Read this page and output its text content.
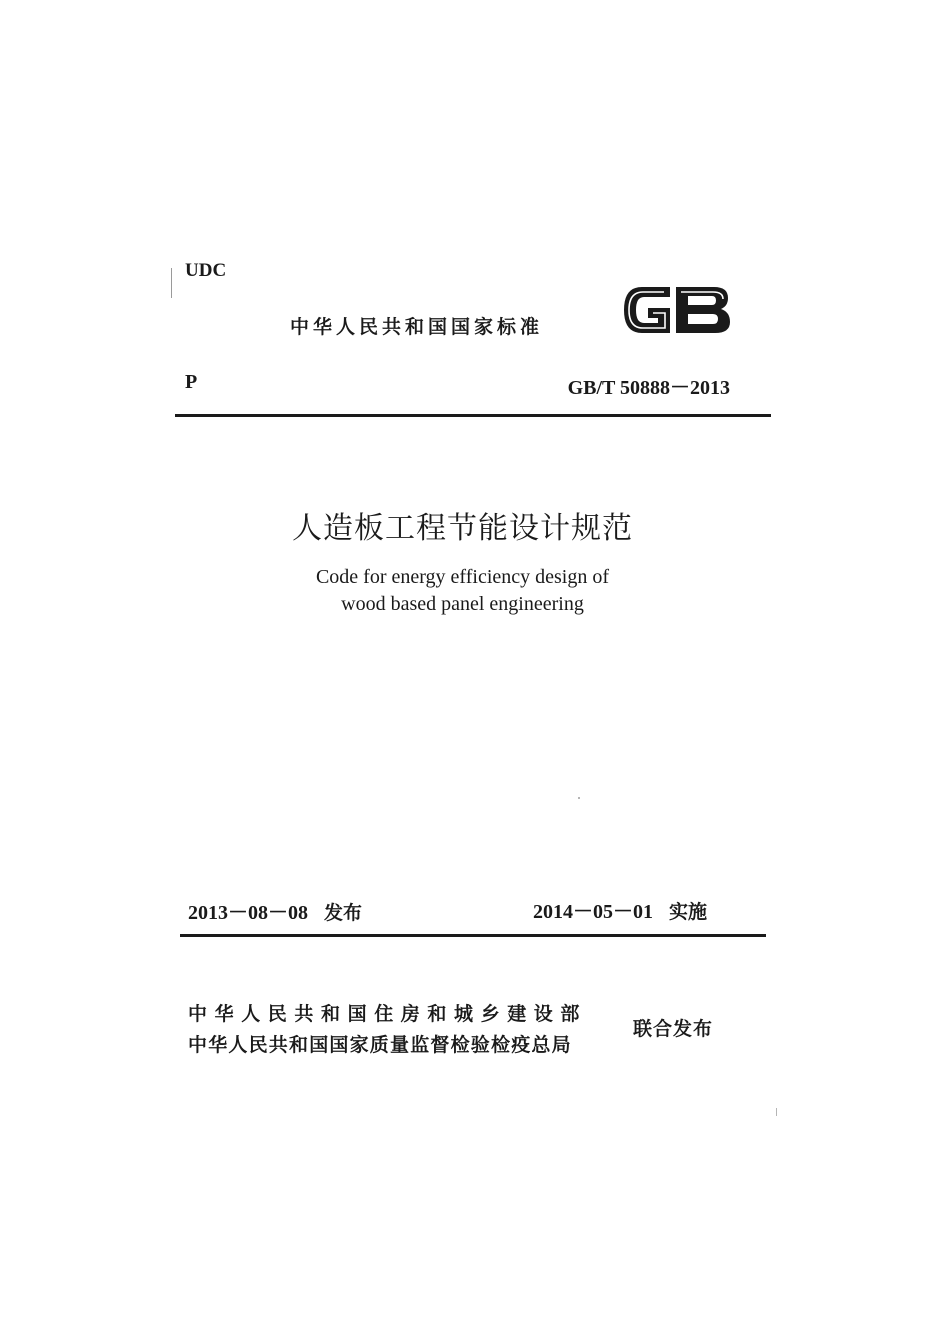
UDC
中华人民共和国国家标准
P	GB/T 50888－2013
人造板工程节能设计规范
Code for energy efficiency design of
wood based panel engineering
2013－08－08 发布	2014－05－01 实施
中华人民共和国住房和城乡建设部
中华人民共和国国家质量监督检验检疫总局
联合发布
